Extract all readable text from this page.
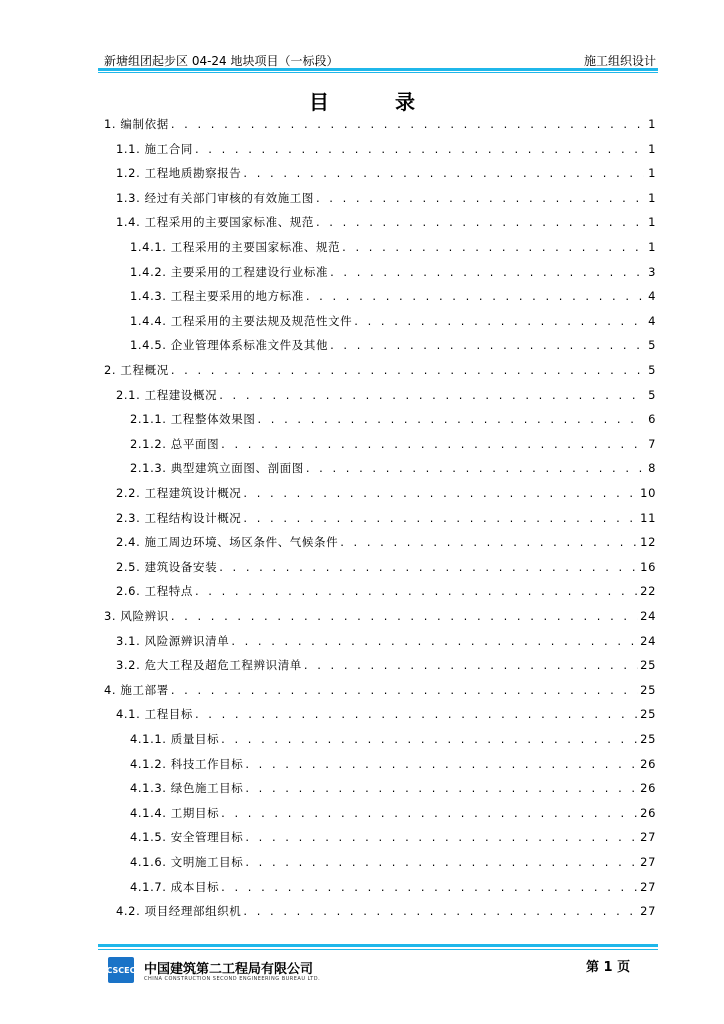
新塘组团起步区 04-24 地块项目（一标段）	施工组织设计
目录
1. 编制依据 . . .	1
1.1. 施工合同 . . .	1
1.2. 工程地质勘察报告 . . .	1
1.3. 经过有关部门审核的有效施工图 . . .	1
1.4. 工程采用的主要国家标准、规范 . . .	1
1.4.1. 工程采用的主要国家标准、规范 . . .	1
1.4.2. 主要采用的工程建设行业标准 . . .	3
1.4.3. 工程主要采用的地方标准 . . .	4
1.4.4. 工程采用的主要法规及规范性文件 . . .	4
1.4.5. 企业管理体系标准文件及其他 . . .	5
2. 工程概况 . . .	5
2.1. 工程建设概况 . . .	5
2.1.1. 工程整体效果图 . . .	6
2.1.2. 总平面图 . . .	7
2.1.3. 典型建筑立面图、剖面图 . . .	8
2.2. 工程建筑设计概况 . . .	10
2.3. 工程结构设计概况 . . .	11
2.4. 施工周边环境、场区条件、气候条件 . . .	12
2.5. 建筑设备安装 . . .	16
2.6. 工程特点 . . .	22
3. 风险辨识 . . .	24
3.1. 风险源辨识清单 . . .	24
3.2. 危大工程及超危工程辨识清单 . . .	25
4. 施工部署 . . .	25
4.1. 工程目标 . . .	25
4.1.1. 质量目标 . . .	25
4.1.2. 科技工作目标 . . .	26
4.1.3. 绿色施工目标 . . .	26
4.1.4. 工期目标 . . .	26
4.1.5. 安全管理目标 . . .	27
4.1.6. 文明施工目标 . . .	27
4.1.7. 成本目标 . . .	27
4.2. 项目经理部组织机 . . .	27
CSCEC 中国建筑第二工程局有限公司
CHINA CONSTRUCTION SECOND ENGINEERING BUREAU LTD.
第 1 页
